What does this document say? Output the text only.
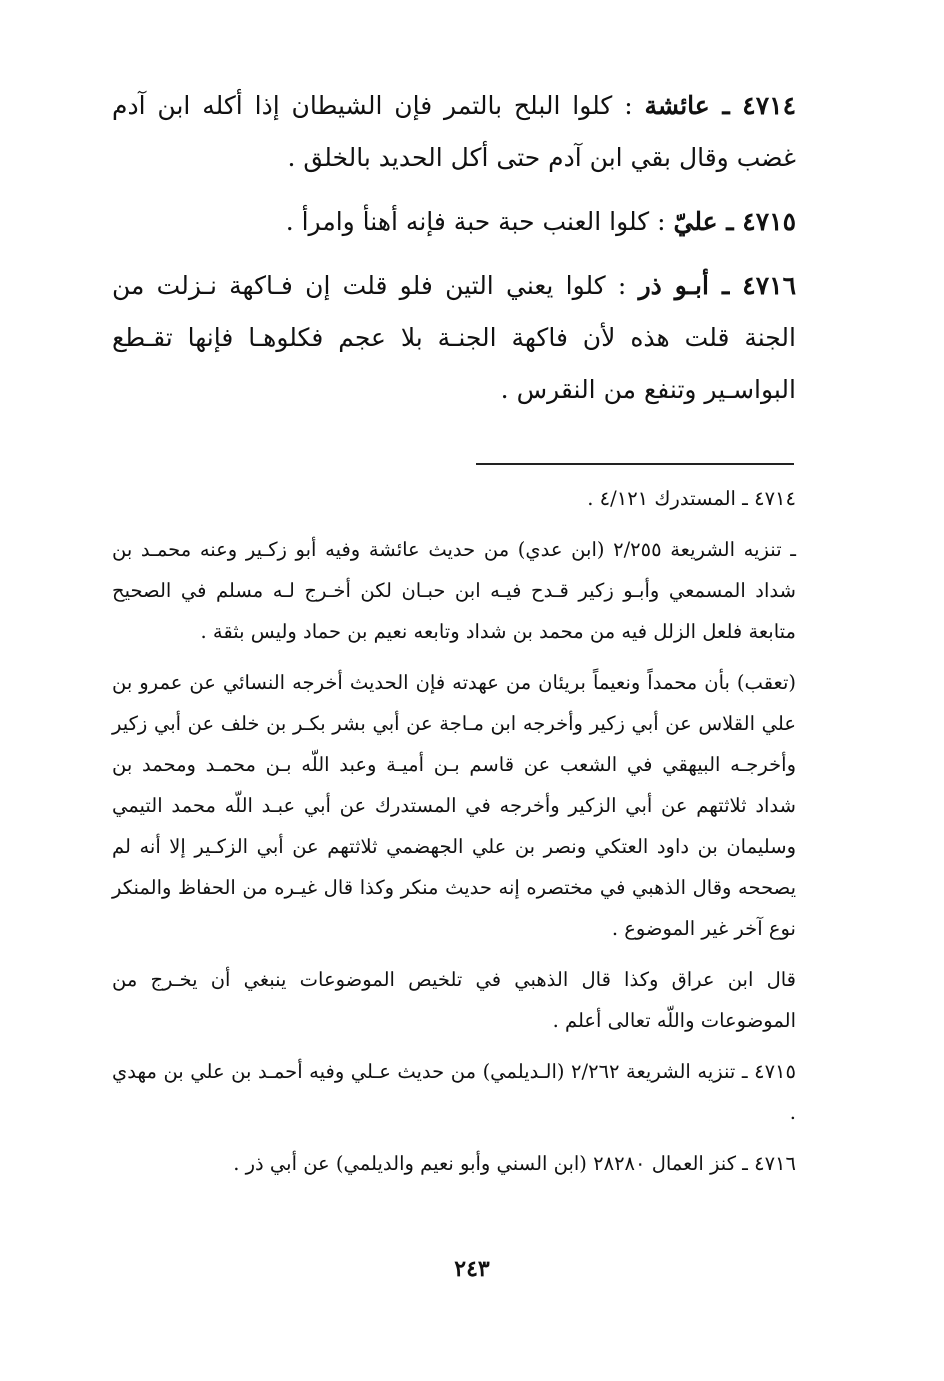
٤٧١٤ ـ عائشة : كلوا البلح بالتمر فإن الشيطان إذا أكله ابن آدم غضب وقال بقي ابن آدم حتى أكل الحديد بالخلق .

٤٧١٥ ـ عليّ : كلوا العنب حبة حبة فإنه أهنأ وامرأ .

٤٧١٦ ـ أبـو ذر : كلوا يعني التين فلو قلت إن فـاكهة نـزلت من الجنة قلت هذه لأن فاكهة الجنـة بلا عجم فكلوهـا فإنها تقـطع البواسـير وتنفع من النقرس .

٤٧١٤ ـ المستدرك ٤/١٢١ .

ـ تنزيه الشريعة ٢/٢٥٥ (ابن عدي) من حديث عائشة وفيه أبو زكـير وعنه محمـد بن شداد المسمعي وأبـو زكير قـدح فيـه ابن حبـان لكن أخـرج لـه مسلم في الصحيح متابعة فلعل الزلل فيه من محمد بن شداد وتابعه نعيم بن حماد وليس بثقة .

(تعقب) بأن محمداً ونعيماً بريئان من عهدته فإن الحديث أخرجه النسائي عن عمرو بن علي القلاس عن أبي زكير وأخرجه ابن مـاجة عن أبي بشر بكـر بن خلف عن أبي زكير وأخرجـه البيهقي في الشعب عن قاسم بـن أميـة وعبد اللّه بـن محمـد ومحمد بن شداد ثلاثتهم عن أبي الزكير وأخرجه في المستدرك عن أبي عبـد اللّه محمد التيمي وسليمان بن داود العتكي ونصر بن علي الجهضمي ثلاثتهم عن أبي الزكـير إلا أنه لم يصححه وقال الذهبي في مختصره إنه حديث منكر وكذا قال غيـره من الحفاظ والمنكر نوع آخر غير الموضوع .

قال ابن عراق وكذا قال الذهبي في تلخيص الموضوعات ينبغي أن يخـرج من الموضوعات واللّه تعالى أعلم .

٤٧١٥ ـ تنزيه الشريعة ٢/٢٦٢ (الـديلمي) من حديث عـلي وفيه أحمـد بن علي بن مهدي .

٤٧١٦ ـ كنز العمال ٢٨٢٨٠ (ابن السني وأبو نعيم والديلمي) عن أبي ذر .

٢٤٣
